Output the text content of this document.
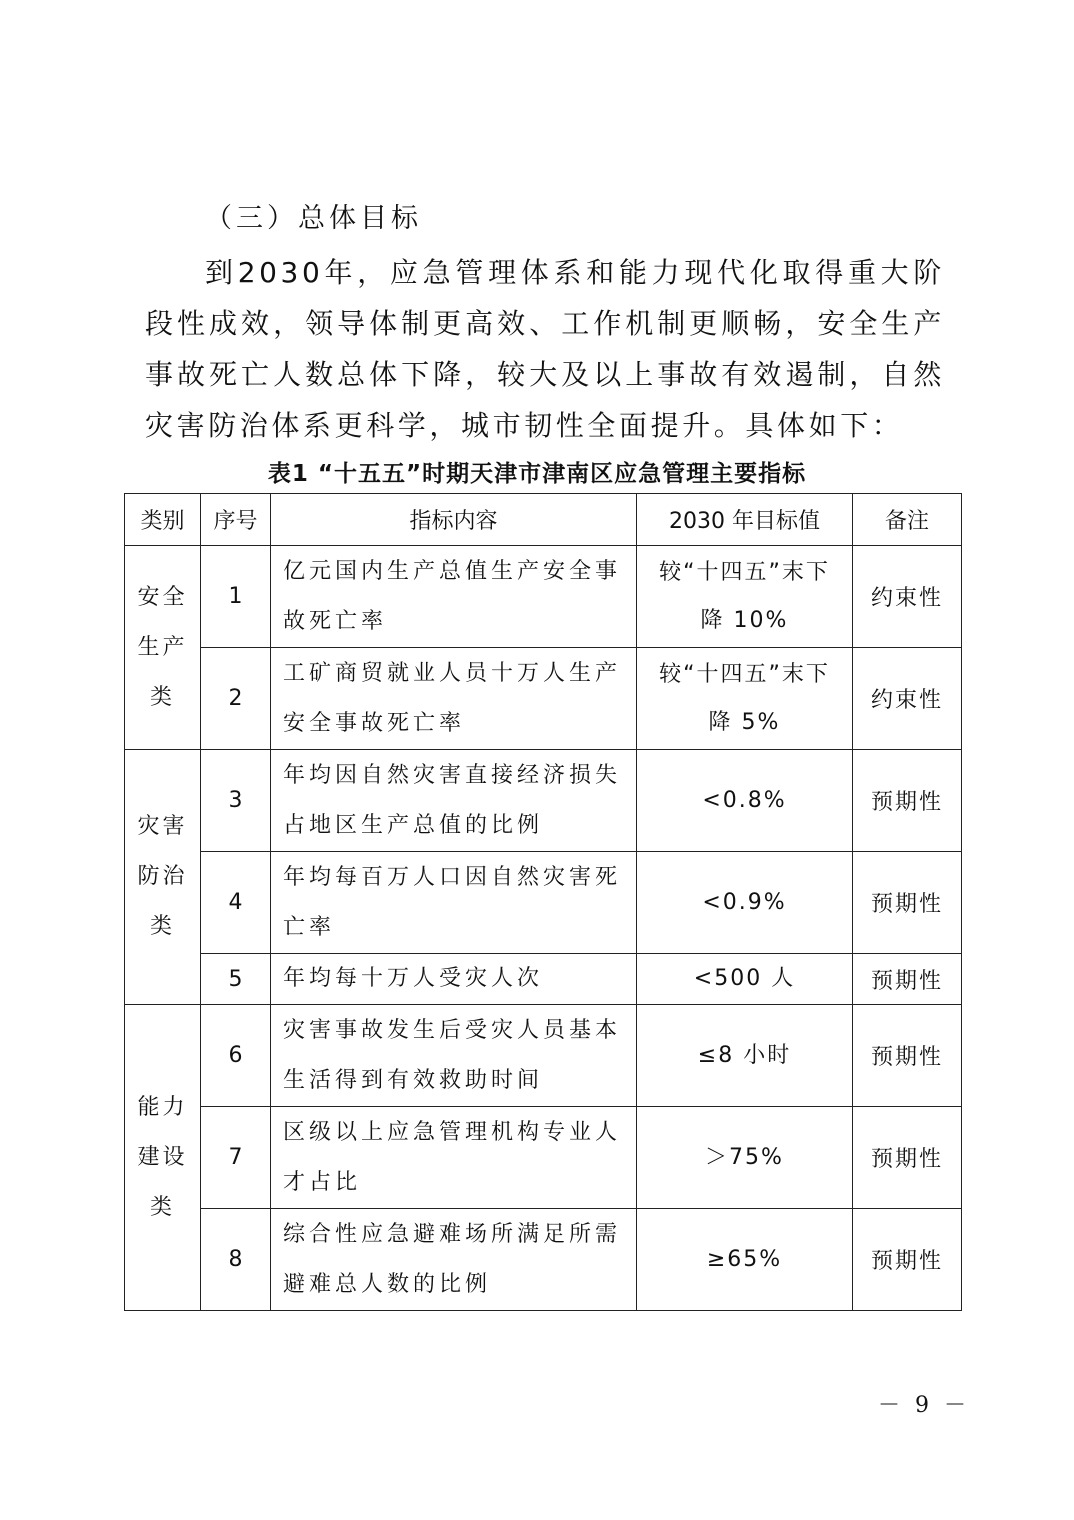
（三）总体目标
到2030年，应急管理体系和能力现代化取得重大阶段性成效，领导体制更高效、工作机制更顺畅，安全生产事故死亡人数总体下降，较大及以上事故有效遏制，自然灾害防治体系更科学，城市韧性全面提升。具体如下：
表1 “十五五”时期天津市津南区应急管理主要指标
类别	序号	指标内容	2030 年目标值	备注

安全生产类	1	亿元国内生产总值生产安全事故死亡率	较“十四五”末下降 10%	约束性
	2	工矿商贸就业人员十万人生产安全事故死亡率	较“十四五”末下降 5%	约束性

灾害防治类	3	年均因自然灾害直接经济损失占地区生产总值的比例	<0.8%	预期性
	4	年均每百万人口因自然灾害死亡率	<0.9%	预期性
	5	年均每十万人受灾人次	<500 人	预期性

能力建设类	6	灾害事故发生后受灾人员基本生活得到有效救助时间	≤8 小时	预期性
	7	区级以上应急管理机构专业人才占比	＞75%	预期性
	8	综合性应急避难场所满足所需避难总人数的比例	≥65%	预期性
－ 9 －
